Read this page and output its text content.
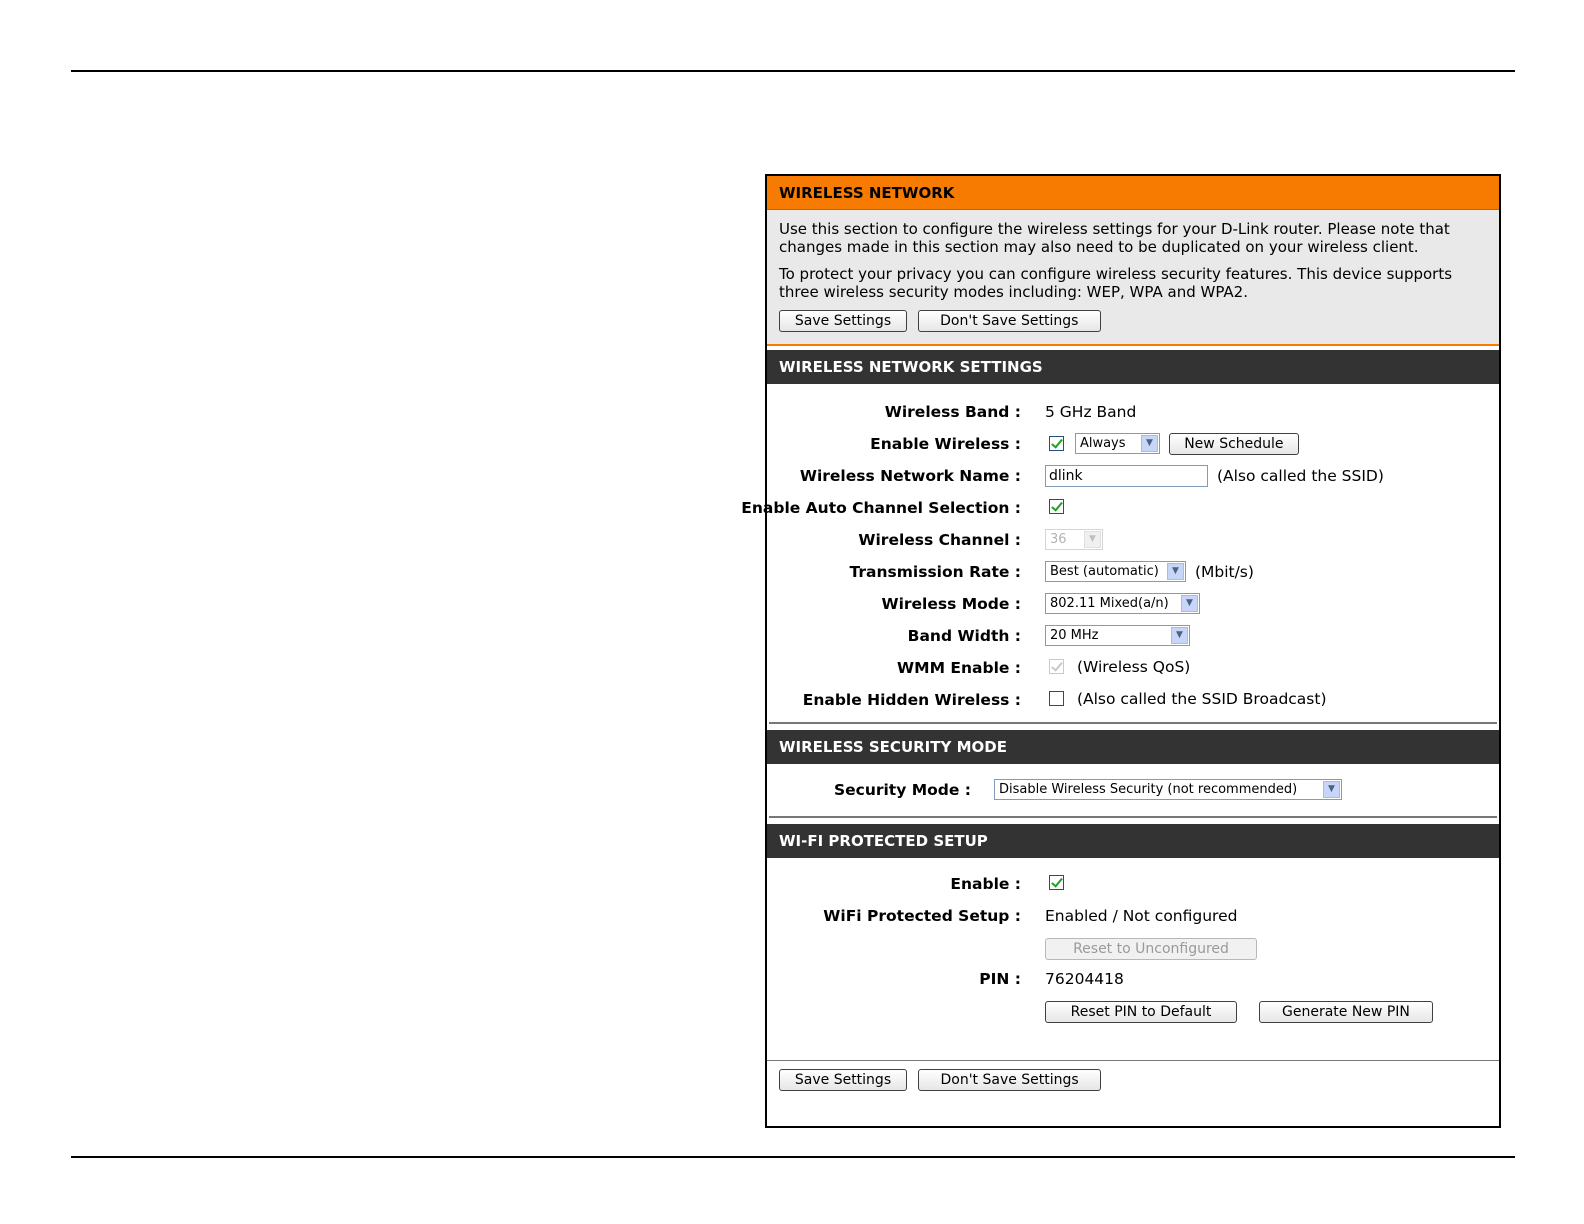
WIRELESS NETWORK

Use this section to configure the wireless settings for your D-Link router. Please note that changes made in this section may also need to be duplicated on your wireless client.

To protect your privacy you can configure wireless security features. This device supports three wireless security modes including: WEP, WPA and WPA2.

Save Settings	Don't Save Settings
WIRELESS NETWORK SETTINGS
Wireless Band : 5 GHz Band
Enable Wireless :	Always	▼	New Schedule
Wireless Network Name : dlink	(Also called the SSID)
Enable Auto Channel Selection :
Wireless Channel :	36	▼
Transmission Rate :	Best (automatic)	▼	(Mbit/s)
Wireless Mode :	802.11 Mixed(a/n)	▼
Band Width :	20 MHz	▼
WMM Enable :	(Wireless QoS)
Enable Hidden Wireless :	(Also called the SSID Broadcast)
WIRELESS SECURITY MODE
Security Mode :	Disable Wireless Security (not recommended)	▼
WI-FI PROTECTED SETUP
Enable :
WiFi Protected Setup : Enabled / Not configured
Reset to Unconfigured
PIN : 76204418
Reset PIN to Default	Generate New PIN
Save Settings	Don't Save Settings
